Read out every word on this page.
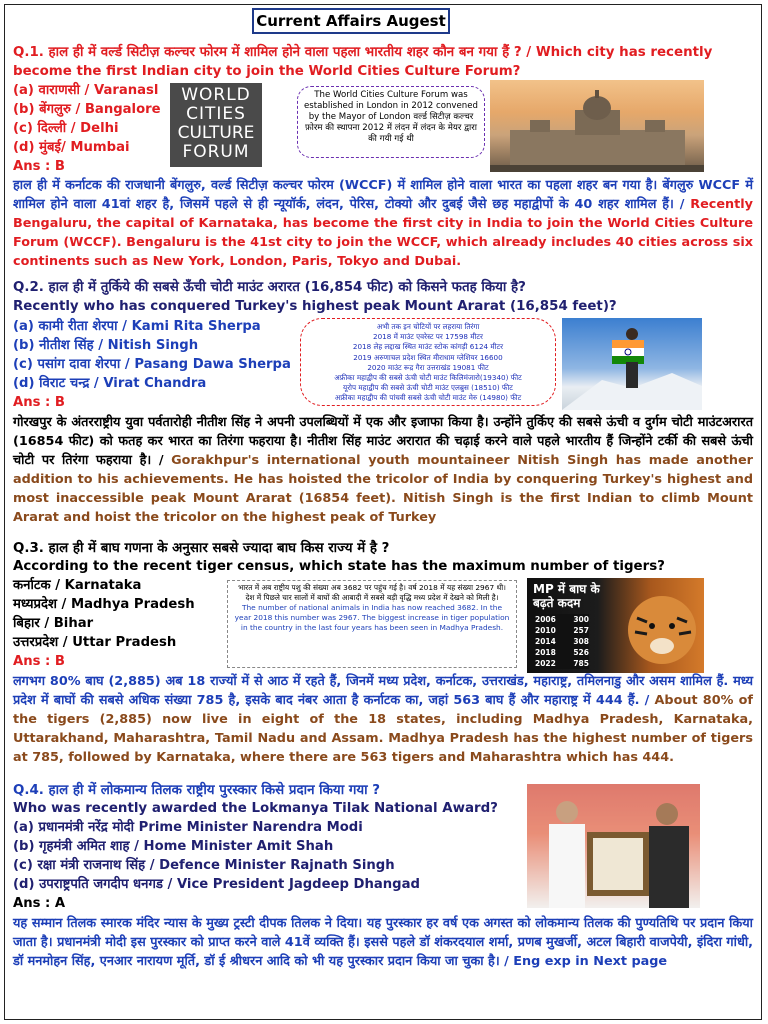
Current Affairs Augest
Q.1. हाल ही में वर्ल्ड सिटीज़ कल्चर फोरम में शामिल होने वाला पहला भारतीय शहर कौन बन गया हैं ? / Which city has recently become the first Indian city to join the World Cities Culture Forum?
(a) वाराणसी / Varanasl
(b) बेंगलुरु / Bangalore
(c) दिल्ली / Delhi
(d) मुंबई/ Mumbai
Ans : B
WORLD
CITIES
CULTURE
FORUM
The World Cities Culture Forum was established in London in 2012 convened by the Mayor of London वर्ल्ड सिटीज़ कल्चर फ़ोरम की स्थापना 2012 में लंदन में लंदन के मेयर द्वारा की गयी गई थी
हाल ही में कर्नाटक की राजधानी बेंगलुरु, वर्ल्ड सिटीज़ कल्चर फोरम (WCCF) में शामिल होने वाला भारत का पहला शहर बन गया है। बेंगलुरु WCCF में शामिल होने वाला 41वां शहर है, जिसमें पहले से ही न्यूयॉर्क, लंदन, पेरिस, टोक्यो और दुबई जैसे छह महाद्वीपों के 40 शहर शामिल हैं। / Recently Bengaluru, the capital of Karnataka, has become the first city in India to join the World Cities Culture Forum (WCCF). Bengaluru is the 41st city to join the WCCF, which already includes 40 cities across six continents such as New York, London, Paris, Tokyo and Dubai.
Q.2. हाल ही में तुर्किये की सबसे ऊँची चोटी माउंट अरारत (16,854 फीट) को किसने फतह किया है?
Recently who has conquered Turkey's highest peak Mount Ararat (16,854 feet)?
(a) कामी रीता शेरपा / Kami Rita Sherpa
(b) नीतीश सिंह / Nitish Singh
(c) पसांग दावा शेरपा / Pasang Dawa Sherpa
(d) विराट चन्द्र / Virat Chandra
Ans : B
अभी तक इन चोटियों पर लहराया तिरंगा
2018 में माउंट एवरेस्ट पर 17598 मीटर
2018 लेह लद्दाख स्थित माउंट स्टोक कांगड़ी 6124 मीटर
2019 अरुणाचल प्रदेश स्थित मीराधाम ग्लेशियर 16600
2020 माउंट रूद्र गैरा उत्तराखंड 19081 फीट
अफ्रीका महाद्वीप की सबसे ऊंची चोटी माउंट किलिमंजारो(19340) फीट
यूरोप महाद्वीप की सबसे ऊंची चोटी माउंट एलब्रुस (18510) फीट
अफ्रीका महाद्वीप की पांचवी सबसे ऊंची चोटी माउंट मेरु (14980) फीट
गोरखपुर के अंतरराष्ट्रीय युवा पर्वतारोही नीतीश सिंह ने अपनी उपलब्धियों में एक और इजाफा किया है। उन्होंने तुर्किए की सबसे ऊंची व दुर्गम चोटी माउंटअरारत (16854 फीट) को फतह कर भारत का तिरंगा फहराया है। नीतीश सिंह माउंट अरारात की चढ़ाई करने वाले पहले भारतीय हैं जिन्होंने टर्की की सबसे ऊंची चोटी पर तिरंगा फहराया है। / Gorakhpur's international youth mountaineer Nitish Singh has made another addition to his achievements. He has hoisted the tricolor of India by conquering Turkey's highest and most inaccessible peak Mount Ararat (16854 feet). Nitish Singh is the first Indian to climb Mount Ararat and hoist the tricolor on the highest peak of Turkey
Q.3. हाल ही में बाघ गणना के अनुसार सबसे ज्यादा बाघ किस राज्य में है ?
According to the recent tiger census, which state has the maximum number of tigers?
कर्नाटक / Karnataka
मध्यप्रदेश / Madhya Pradesh
बिहार / Bihar
उत्तरप्रदेश / Uttar Pradesh
Ans : B
भारत में अब राष्ट्रीय पशु की संख्या अब 3682 पर पहुंच गई है। वर्ष 2018 में यह संख्या 2967 थी। देश में पिछले चार सालों में बाघों की आबादी में सबसे बड़ी वृद्धि मध्य प्रदेश में देखने को मिली है।
The number of national animals in India has now reached 3682. In the year 2018 this number was 2967. The biggest increase in tiger population in the country in the last four years has been seen in Madhya Pradesh.
MP में बाघ के बढ़ते कदम
2006 300
2010 257
2014 308
2018 526
2022 785
लगभग 80% बाघ (2,885) अब 18 राज्यों में से आठ में रहते हैं, जिनमें मध्य प्रदेश, कर्नाटक, उत्तराखंड, महाराष्ट्र, तमिलनाडु और असम शामिल हैं. मध्य प्रदेश में बाघों की सबसे अधिक संख्या 785 है, इसके बाद नंबर आता है कर्नाटक का, जहां 563 बाघ हैं और महाराष्ट्र में 444 हैं. / About 80% of the tigers (2,885) now live in eight of the 18 states, including Madhya Pradesh, Karnataka, Uttarakhand, Maharashtra, Tamil Nadu and Assam. Madhya Pradesh has the highest number of tigers at 785, followed by Karnataka, where there are 563 tigers and Maharashtra which has 444.
Q.4. हाल ही में लोकमान्य तिलक राष्ट्रीय पुरस्कार किसे प्रदान किया गया ?
Who was recently awarded the Lokmanya Tilak National Award?
(a) प्रधानमंत्री नरेंद्र मोदी Prime Minister Narendra Modi
(b) गृहमंत्री अमित शाह / Home Minister Amit Shah
(c) रक्षा मंत्री राजनाथ सिंह / Defence Minister Rajnath Singh
(d) उपराष्ट्रपति जगदीप धनगड / Vice President Jagdeep Dhangad
Ans : A
यह सम्मान तिलक स्मारक मंदिर न्यास के मुख्य ट्रस्टी दीपक तिलक ने दिया। यह पुरस्कार हर वर्ष एक अगस्त को लोकमान्य तिलक की पुण्यतिथि पर प्रदान किया जाता है। प्रधानमंत्री मोदी इस पुरस्कार को प्राप्त करने वाले 41वें व्यक्ति हैं। इससे पहले डॉ शंकरदयाल शर्मा, प्रणब मुखर्जी, अटल बिहारी वाजपेयी, इंदिरा गांधी, डॉ मनमोहन सिंह, एनआर नारायण मूर्ति, डॉ ई श्रीधरन आदि को भी यह पुरस्कार प्रदान किया जा चुका है। / Eng exp in Next page
